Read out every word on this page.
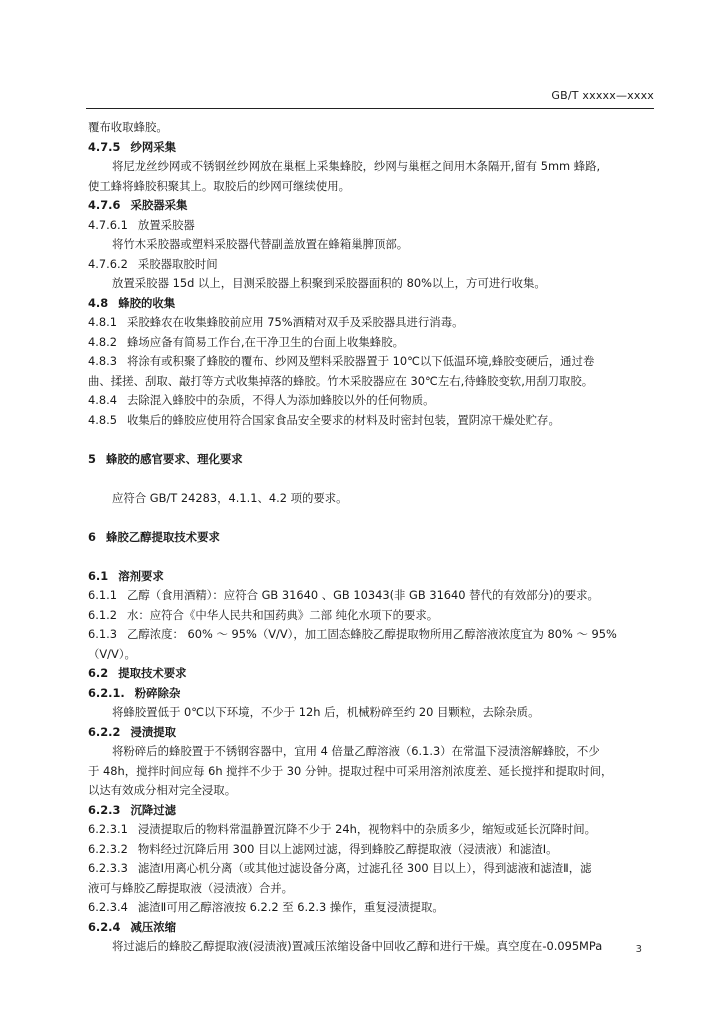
GB/T xxxxx—xxxx
覆布收取蜂胶。
4.7.5 纱网采集
将尼龙丝纱网或不锈钢丝纱网放在巢框上采集蜂胶，纱网与巢框之间用木条隔开,留有 5mm 蜂路,
使工蜂将蜂胶积聚其上。取胶后的纱网可继续使用。
4.7.6 采胶器采集
4.7.6.1 放置采胶器
将竹木采胶器或塑料采胶器代替副盖放置在蜂箱巢脾顶部。
4.7.6.2 采胶器取胶时间
放置采胶器 15d 以上，目测采胶器上积聚到采胶器面积的 80%以上，方可进行收集。
4.8 蜂胶的收集
4.8.1 采胶蜂农在收集蜂胶前应用 75%酒精对双手及采胶器具进行消毒。
4.8.2 蜂场应备有简易工作台,在干净卫生的台面上收集蜂胶。
4.8.3 将涂有或积聚了蜂胶的覆布、纱网及塑料采胶器置于 10℃以下低温环境,蜂胶变硬后，通过卷
曲、揉搓、刮取、敲打等方式收集掉落的蜂胶。竹木采胶器应在 30℃左右,待蜂胶变软,用刮刀取胶。
4.8.4 去除混入蜂胶中的杂质，不得人为添加蜂胶以外的任何物质。
4.8.5 收集后的蜂胶应使用符合国家食品安全要求的材料及时密封包装，置阴凉干燥处贮存。
5 蜂胶的感官要求、理化要求
应符合 GB/T 24283，4.1.1、4.2 项的要求。
6 蜂胶乙醇提取技术要求
6.1 溶剂要求
6.1.1 乙醇（食用酒精）：应符合 GB 31640 、GB 10343(非 GB 31640 替代的有效部分)的要求。
6.1.2 水：应符合《中华人民共和国药典》二部 纯化水项下的要求。
6.1.3 乙醇浓度： 60% ～ 95%（V/V），加工固态蜂胶乙醇提取物所用乙醇溶液浓度宜为 80% ～ 95%
（V/V）。
6.2 提取技术要求
6.2.1. 粉碎除杂
将蜂胶置低于 0℃以下环境，不少于 12h 后，机械粉碎至约 20 目颗粒，去除杂质。
6.2.2 浸渍提取
将粉碎后的蜂胶置于不锈钢容器中，宜用 4 倍量乙醇溶液（6.1.3）在常温下浸渍溶解蜂胶，不少
于 48h，搅拌时间应每 6h 搅拌不少于 30 分钟。提取过程中可采用溶剂浓度差、延长搅拌和提取时间，
以达有效成分相对完全浸取。
6.2.3 沉降过滤
6.2.3.1 浸渍提取后的物料常温静置沉降不少于 24h，视物料中的杂质多少，缩短或延长沉降时间。
6.2.3.2 物料经过沉降后用 300 目以上滤网过滤，得到蜂胶乙醇提取液（浸渍液）和滤渣Ⅰ。
6.2.3.3 滤渣Ⅰ用离心机分离（或其他过滤设备分离，过滤孔径 300 目以上），得到滤液和滤渣Ⅱ，滤
液可与蜂胶乙醇提取液（浸渍液）合并。
6.2.3.4 滤渣Ⅱ可用乙醇溶液按 6.2.2 至 6.2.3 操作，重复浸渍提取。
6.2.4 减压浓缩
将过滤后的蜂胶乙醇提取液(浸渍液)置减压浓缩设备中回收乙醇和进行干燥。真空度在-0.095MPa	3
